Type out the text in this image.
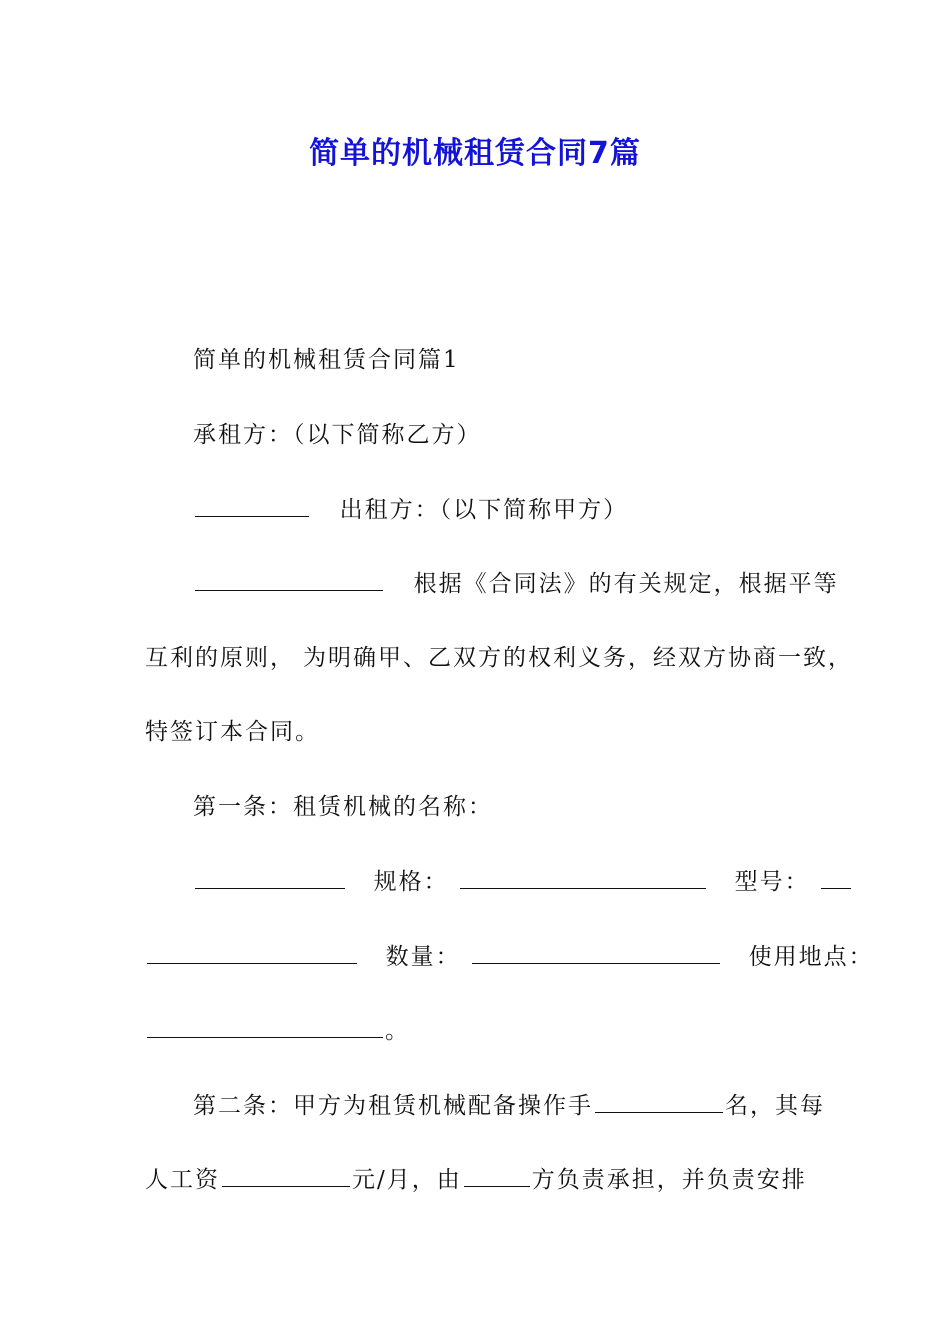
简单的机械租赁合同7篇

简单的机械租赁合同篇1

承租方：（以下简称乙方）

出租方：（以下简称甲方）

根据《合同法》的有关规定，根据平等

互利的原则， 为明确甲、乙双方的权利义务，经双方协商一致，

特签订本合同。

第一条：租赁机械的名称：

规格：	型号：

数量：	使用地点：

。

第二条：甲方为租赁机械配备操作手	名，其每

人工资	元/月，由	方负责承担，并负责安排
